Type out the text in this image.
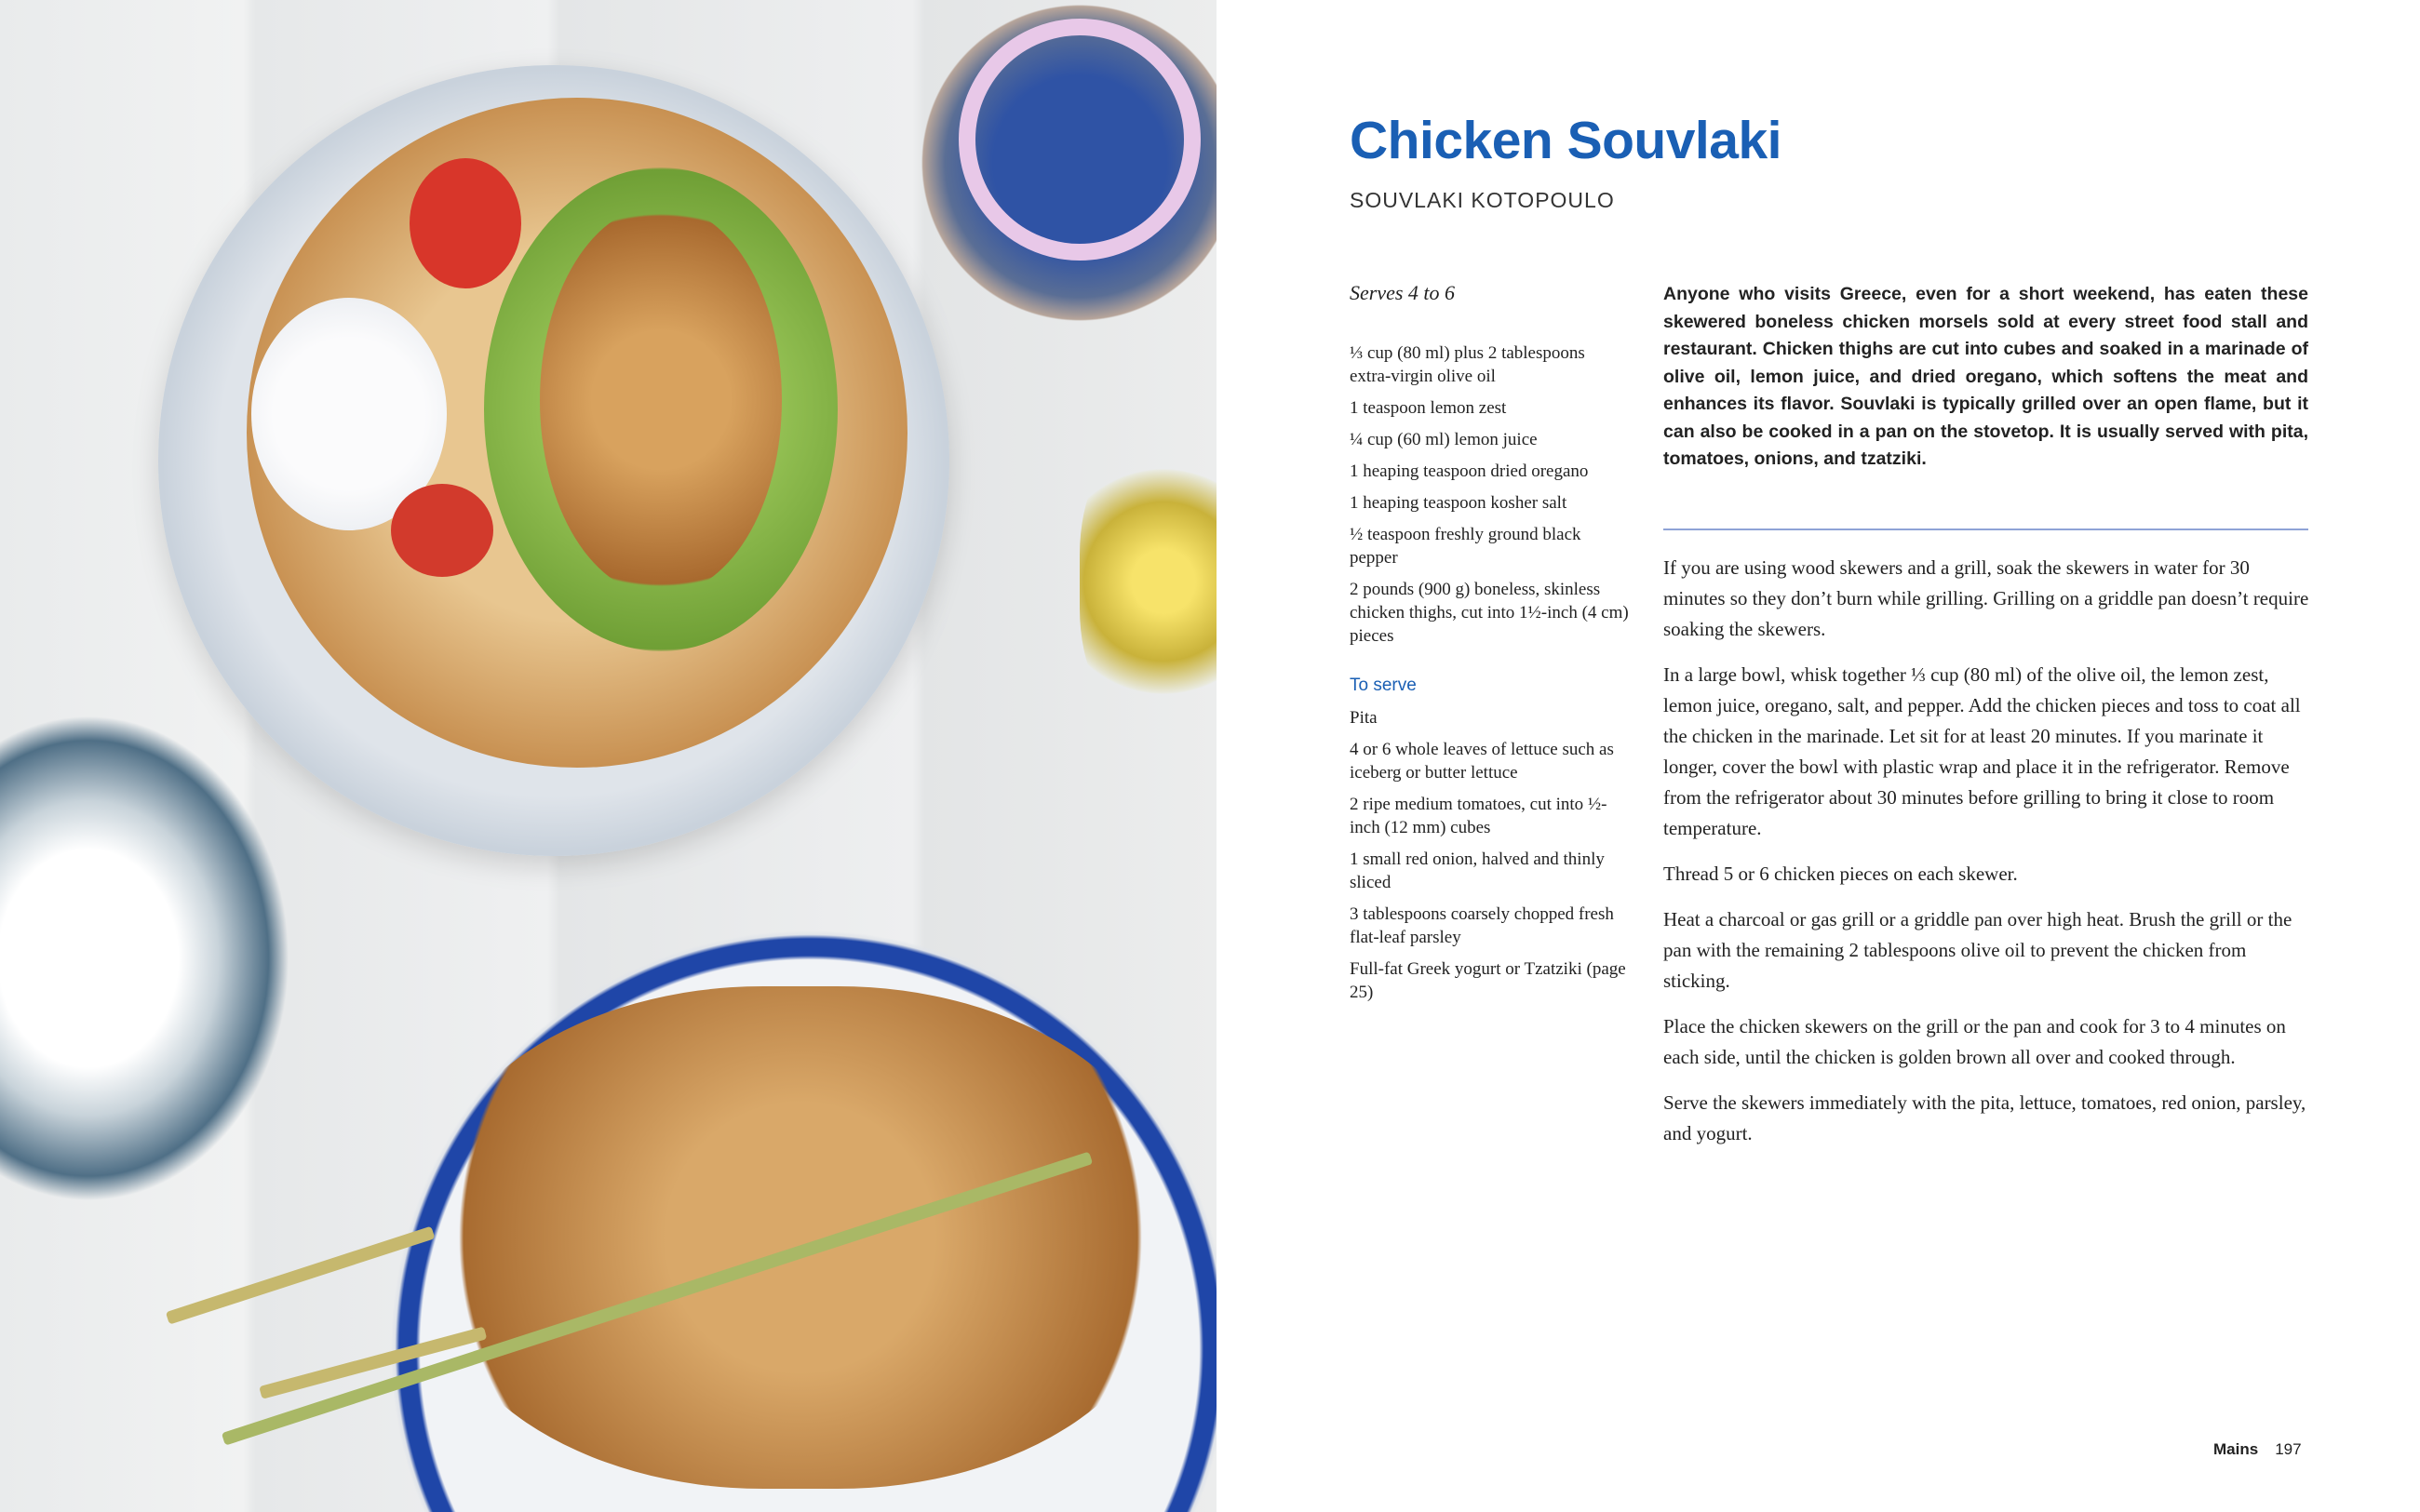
Chicken Souvlaki
SOUVLAKI KOTOPOULO
Serves 4 to 6
⅓ cup (80 ml) plus 2 tablespoons extra-virgin olive oil
1 teaspoon lemon zest
¼ cup (60 ml) lemon juice
1 heaping teaspoon dried oregano
1 heaping teaspoon kosher salt
½ teaspoon freshly ground black pepper
2 pounds (900 g) boneless, skinless chicken thighs, cut into 1½-inch (4 cm) pieces
To serve
Pita
4 or 6 whole leaves of lettuce such as iceberg or butter lettuce
2 ripe medium tomatoes, cut into ½-inch (12 mm) cubes
1 small red onion, halved and thinly sliced
3 tablespoons coarsely chopped fresh flat-leaf parsley
Full-fat Greek yogurt or Tzatziki (page 25)
Anyone who visits Greece, even for a short weekend, has eaten these skewered boneless chicken morsels sold at every street food stall and restaurant. Chicken thighs are cut into cubes and soaked in a marinade of olive oil, lemon juice, and dried oregano, which softens the meat and enhances its flavor. Souvlaki is typically grilled over an open flame, but it can also be cooked in a pan on the stovetop. It is usually served with pita, tomatoes, onions, and tzatziki.

If you are using wood skewers and a grill, soak the skewers in water for 30 minutes so they don’t burn while grilling. Grilling on a griddle pan doesn’t require soaking the skewers.

In a large bowl, whisk together ⅓ cup (80 ml) of the olive oil, the lemon zest, lemon juice, oregano, salt, and pepper. Add the chicken pieces and toss to coat all the chicken in the marinade. Let sit for at least 20 minutes. If you marinate it longer, cover the bowl with plastic wrap and place it in the refrigerator. Remove from the refrigerator about 30 minutes before grilling to bring it close to room temperature.

Thread 5 or 6 chicken pieces on each skewer.

Heat a charcoal or gas grill or a griddle pan over high heat. Brush the grill or the pan with the remaining 2 tablespoons olive oil to prevent the chicken from sticking.

Place the chicken skewers on the grill or the pan and cook for 3 to 4 minutes on each side, until the chicken is golden brown all over and cooked through.

Serve the skewers immediately with the pita, lettuce, tomatoes, red onion, parsley, and yogurt.

Mains 197
